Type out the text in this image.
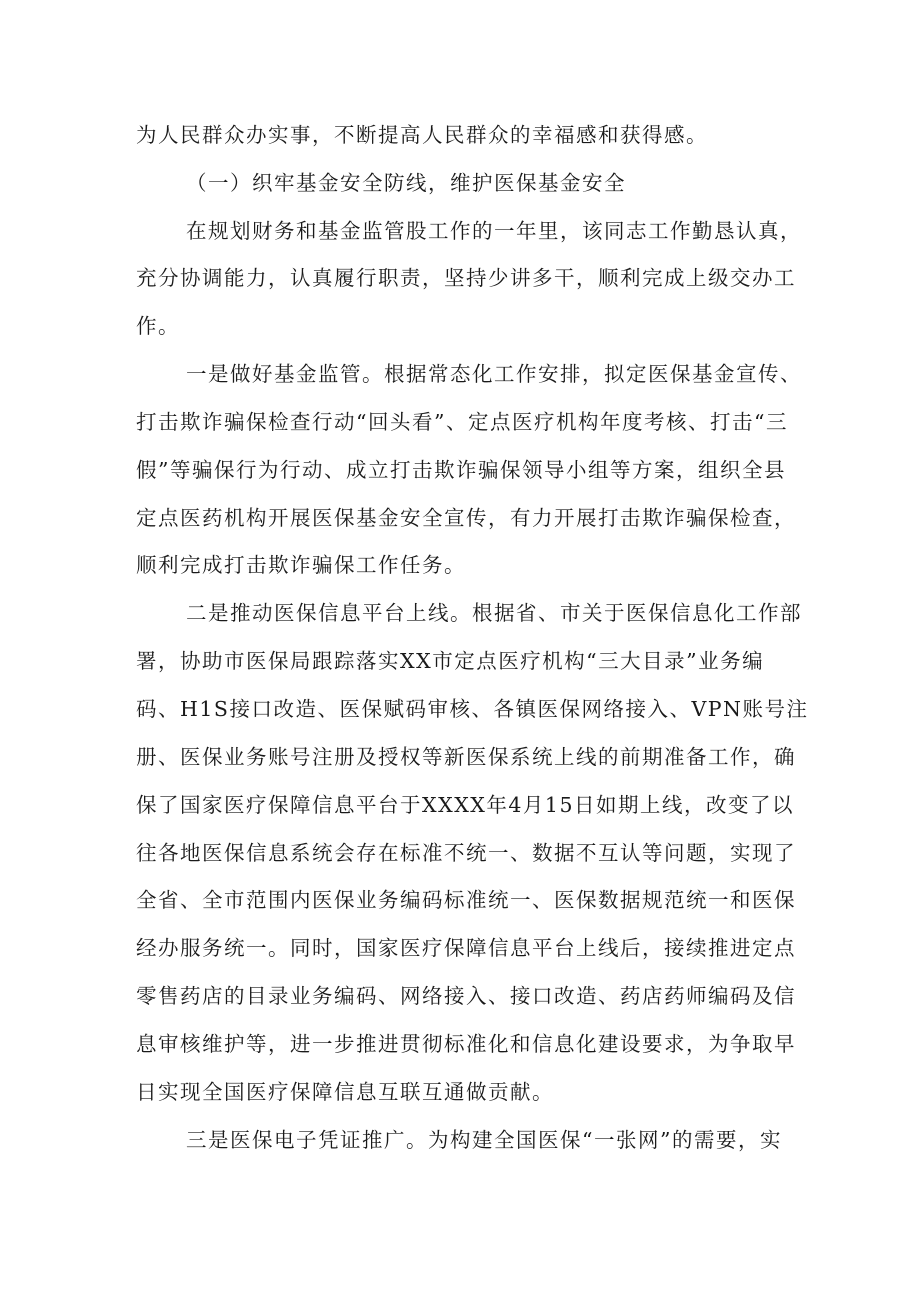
为人民群众办实事，不断提高人民群众的幸福感和获得感。
（一）织牢基金安全防线，维护医保基金安全
在规划财务和基金监管股工作的一年里，该同志工作勤恳认真，
充分协调能力，认真履行职责，坚持少讲多干，顺利完成上级交办工
作。
一是做好基金监管。根据常态化工作安排，拟定医保基金宣传、
打击欺诈骗保检查行动“回头看”、定点医疗机构年度考核、打击“三
假”等骗保行为行动、成立打击欺诈骗保领导小组等方案，组织全县
定点医药机构开展医保基金安全宣传，有力开展打击欺诈骗保检查，
顺利完成打击欺诈骗保工作任务。
二是推动医保信息平台上线。根据省、市关于医保信息化工作部
署，协助市医保局跟踪落实XX市定点医疗机构“三大目录”业务编
码、H1S接口改造、医保赋码审核、各镇医保网络接入、VPN账号注
册、医保业务账号注册及授权等新医保系统上线的前期准备工作，确
保了国家医疗保障信息平台于XXXX年4月15日如期上线，改变了以
往各地医保信息系统会存在标准不统一、数据不互认等问题，实现了
全省、全市范围内医保业务编码标准统一、医保数据规范统一和医保
经办服务统一。同时，国家医疗保障信息平台上线后，接续推进定点
零售药店的目录业务编码、网络接入、接口改造、药店药师编码及信
息审核维护等，进一步推进贯彻标准化和信息化建设要求，为争取早
日实现全国医疗保障信息互联互通做贡献。
三是医保电子凭证推广。为构建全国医保“一张网”的需要，实
